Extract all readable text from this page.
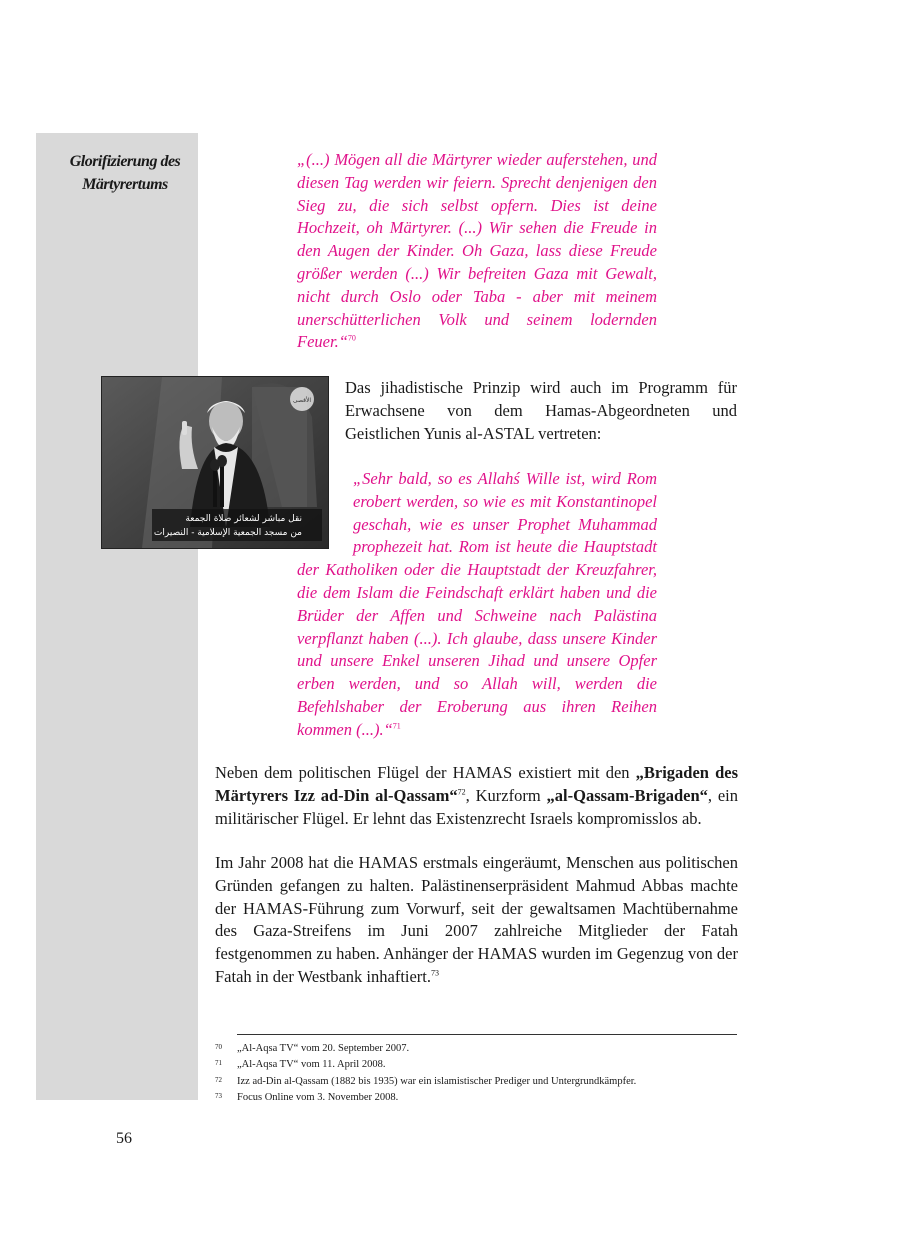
Glorifizierung des
Märtyrertums

„(...) Mögen all die Märtyrer wieder auferstehen, und diesen Tag werden wir feiern. Sprecht denjenigen den Sieg zu, die sich selbst opfern. Dies ist deine Hochzeit, oh Märtyrer. (...) Wir sehen die Freude in den Augen der Kinder. Oh Gaza, lass diese Freude größer werden (...) Wir befreiten Gaza mit Gewalt, nicht durch Oslo oder Taba - aber mit meinem unerschütterlichen Volk und seinem lodernden Feuer.“$^{70}$

نقل مباشر لشعائر صلاة الجمعة
من مسجد الجمعية الإسلامية - النصيرات
الأقصى

Das jihadistische Prinzip wird auch im Programm für Erwachsene von dem Hamas-Abgeordneten und Geistlichen Yunis al-ASTAL vertreten:

„Sehr bald, so es Allahś Wille ist, wird Rom erobert werden, so wie es mit Konstantinopel geschah, wie es unser Prophet Muhammad prophezeit hat. Rom ist heute die Hauptstadt der Katholiken oder die Hauptstadt der Kreuzfahrer, die dem Islam die Feindschaft erklärt haben und die Brüder der Affen und Schweine nach Palästina verpflanzt haben (...). Ich glaube, dass unsere Kinder und unsere Enkel unseren Jihad und unsere Opfer erben werden, und so Allah will, werden die Befehlshaber der Eroberung aus ihren Reihen kommen (...).“$^{71}$

Neben dem politischen Flügel der HAMAS existiert mit den „Brigaden des Märtyrers Izz ad-Din al-Qassam“$^{72}$, Kurzform „al-Qassam-Brigaden“, ein militärischer Flügel. Er lehnt das Existenzrecht Israels kompromisslos ab.

Im Jahr 2008 hat die HAMAS erstmals eingeräumt, Menschen aus politischen Gründen gefangen zu halten. Palästinenserpräsident Mahmud Abbas machte der HAMAS-Führung zum Vorwurf, seit der gewaltsamen Machtübernahme des Gaza-Streifens im Juni 2007 zahlreiche Mitglieder der Fatah festgenommen zu haben. Anhänger der HAMAS wurden im Gegenzug von der Fatah in der Westbank inhaftiert.$^{73}$

70	„Al-Aqsa TV“ vom 20. September 2007.
71	„Al-Aqsa TV“ vom 11. April 2008.
72	Izz ad-Din al-Qassam (1882 bis 1935) war ein islamistischer Prediger und Untergrundkämpfer.
73	Focus Online vom 3. November 2008.
56
